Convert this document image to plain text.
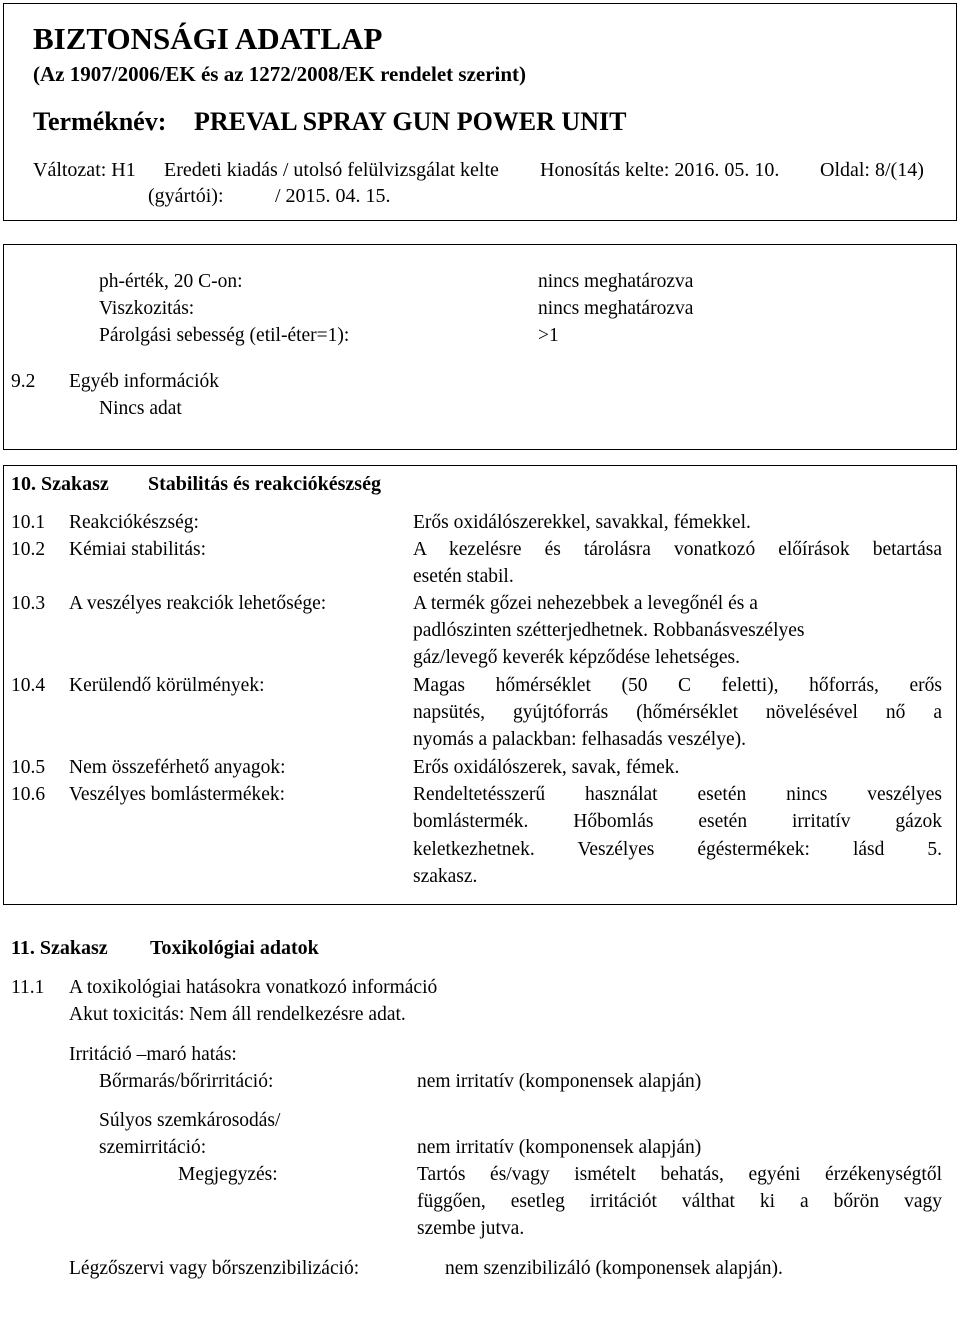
BIZTONSÁGI ADATLAP
(Az 1907/2006/EK és az 1272/2008/EK rendelet szerint)
Terméknév: PREVAL SPRAY GUN POWER UNIT
Változat: H1 Eredeti kiadás / utolsó felülvizsgálat kelte
(gyártói):	/ 2015. 04. 15.
Honosítás kelte: 2016. 05. 10. Oldal: 8/(14)
ph-érték, 20 C-on:	nincs meghatározva
Viszkozitás:	nincs meghatározva
Párolgási sebesség (etil-éter=1):	>1
9.2 Egyéb információk
Nincs adat
10. Szakasz Stabilitás és reakciókészség
10.1 Reakciókészség:	Erős oxidálószerekkel, savakkal, fémekkel.
10.2 Kémiai stabilitás:	A kezelésre és tárolásra vonatkozó előírások betartása
esetén stabil.
10.3 A veszélyes reakciók lehetősége:	A termék gőzei nehezebbek a levegőnél és a
padlószinten szétterjedhetnek. Robbanásveszélyes
gáz/levegő keverék képződése lehetséges.
10.4 Kerülendő körülmények:	Magas hőmérséklet (50 C feletti), hőforrás, erős
napsütés, gyújtóforrás (hőmérséklet növelésével nő a
nyomás a palackban: felhasadás veszélye).
10.5 Nem összeférhető anyagok:	Erős oxidálószerek, savak, fémek.
10.6 Veszélyes bomlástermékek:	Rendeltetésszerű használat esetén nincs veszélyes
bomlástermék. Hőbomlás esetén irritatív gázok
keletkezhetnek. Veszélyes égéstermékek: lásd 5.
szakasz.
11. Szakasz Toxikológiai adatok
11.1 A toxikológiai hatásokra vonatkozó információ
Akut toxicitás: Nem áll rendelkezésre adat.
Irritáció –maró hatás:
Bőrmarás/bőrirritáció:	nem irritatív (komponensek alapján)
Súlyos szemkárosodás/
szemirritáció:	nem irritatív (komponensek alapján)
Megjegyzés:	Tartós és/vagy ismételt behatás, egyéni érzékenységtől
függően, esetleg irritációt válthat ki a bőrön vagy
szembe jutva.
Légzőszervi vagy bőrszenzibilizáció:	nem szenzibilizáló (komponensek alapján).
